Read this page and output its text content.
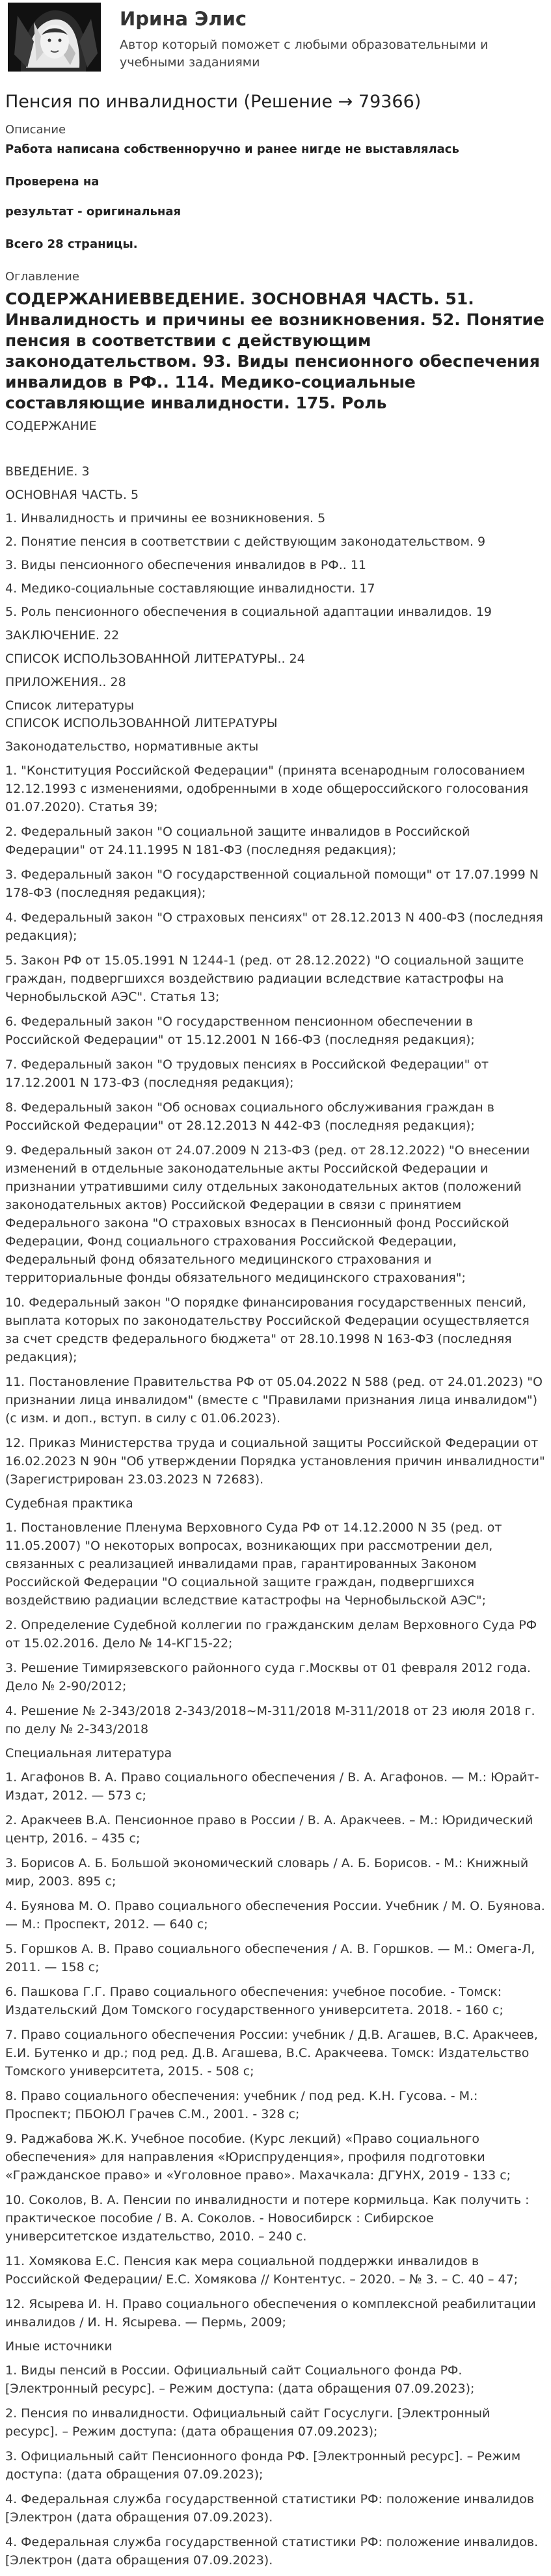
Ирина Элис
Автор который поможет с любыми образовательными и учебными заданиями
Пенсия по инвалидности (Решение → 79366)
Описание
Работа написана собственноручно и ранее нигде не выставлялась
Проверена на
результат - оригинальная
Всего 28 страницы.
Оглавление
СОДЕРЖАНИЕВВЕДЕНИЕ. 3ОСНОВНАЯ ЧАСТЬ. 51. Инвалидность и причины ее возникновения. 52. Понятие пенсия в соответствии с действующим законодательством. 93. Виды пенсионного обеспечения инвалидов в РФ.. 114. Медико-социальные составляющие инвалидности. 175. Роль
СОДЕРЖАНИЕ
ВВЕДЕНИЕ. 3
ОСНОВНАЯ ЧАСТЬ. 5
1. Инвалидность и причины ее возникновения. 5
2. Понятие пенсия в соответствии с действующим законодательством. 9
3. Виды пенсионного обеспечения инвалидов в РФ.. 11
4. Медико-социальные составляющие инвалидности. 17
5. Роль пенсионного обеспечения в социальной адаптации инвалидов. 19
ЗАКЛЮЧЕНИЕ. 22
СПИСОК ИСПОЛЬЗОВАННОЙ ЛИТЕРАТУРЫ.. 24
ПРИЛОЖЕНИЯ.. 28
Список литературы
СПИСОК ИСПОЛЬЗОВАННОЙ ЛИТЕРАТУРЫ
Законодательство, нормативные акты
1. "Конституция Российской Федерации" (принята всенародным голосованием 12.12.1993 с изменениями, одобренными в ходе общероссийского голосования 01.07.2020). Статья 39;
2. Федеральный закон "О социальной защите инвалидов в Российской Федерации" от 24.11.1995 N 181-ФЗ (последняя редакция);
3. Федеральный закон "О государственной социальной помощи" от 17.07.1999 N 178-ФЗ (последняя редакция);
4. Федеральный закон "О страховых пенсиях" от 28.12.2013 N 400-ФЗ (последняя редакция);
5. Закон РФ от 15.05.1991 N 1244-1 (ред. от 28.12.2022) "О социальной защите граждан, подвергшихся воздействию радиации вследствие катастрофы на Чернобыльской АЭС". Статья 13;
6. Федеральный закон "О государственном пенсионном обеспечении в Российской Федерации" от 15.12.2001 N 166-ФЗ (последняя редакция);
7. Федеральный закон "О трудовых пенсиях в Российской Федерации" от 17.12.2001 N 173-ФЗ (последняя редакция);
8. Федеральный закон "Об основах социального обслуживания граждан в Российской Федерации" от 28.12.2013 N 442-ФЗ (последняя редакция);
9. Федеральный закон от 24.07.2009 N 213-ФЗ (ред. от 28.12.2022) "О внесении изменений в отдельные законодательные акты Российской Федерации и признании утратившими силу отдельных законодательных актов (положений законодательных актов) Российской Федерации в связи с принятием Федерального закона "О страховых взносах в Пенсионный фонд Российской Федерации, Фонд социального страхования Российской Федерации, Федеральный фонд обязательного медицинского страхования и территориальные фонды обязательного медицинского страхования";
10. Федеральный закон "О порядке финансирования государственных пенсий, выплата которых по законодательству Российской Федерации осуществляется за счет средств федерального бюджета" от 28.10.1998 N 163-ФЗ (последняя редакция);
11. Постановление Правительства РФ от 05.04.2022 N 588 (ред. от 24.01.2023) "О признании лица инвалидом" (вместе с "Правилами признания лица инвалидом") (с изм. и доп., вступ. в силу с 01.06.2023).
12. Приказ Министерства труда и социальной защиты Российской Федерации от 16.02.2023 N 90н "Об утверждении Порядка установления причин инвалидности" (Зарегистрирован 23.03.2023 N 72683).
Судебная практика
1. Постановление Пленума Верховного Суда РФ от 14.12.2000 N 35 (ред. от 11.05.2007) "О некоторых вопросах, возникающих при рассмотрении дел, связанных с реализацией инвалидами прав, гарантированных Законом Российской Федерации "О социальной защите граждан, подвергшихся воздействию радиации вследствие катастрофы на Чернобыльской АЭС";
2. Определение Судебной коллегии по гражданским делам Верховного Суда РФ от 15.02.2016. Дело № 14-КГ15-22;
3. Решение Тимирязевского районного суда г.Москвы от 01 февраля 2012 года. Дело № 2-90/2012;
4. Решение № 2-343/2018 2-343/2018~М-311/2018 М-311/2018 от 23 июля 2018 г. по делу № 2-343/2018
Специальная литература
1. Агафонов В. А. Право социального обеспечения / В. А. Агафонов. — М.: Юрайт-Издат, 2012. — 573 с;
2. Аракчеев В.А. Пенсионное право в России / В. А. Аракчеев. – М.: Юридический центр, 2016. – 435 с;
3. Борисов А. Б. Большой экономический словарь / А. Б. Борисов. - М.: Книжный мир, 2003. 895 с;
4. Буянова М. О. Право социального обеспечения России. Учебник / М. О. Буянова. — М.: Проспект, 2012. — 640 с;
5. Горшков А. В. Право социального обеспечения / А. В. Горшков. — М.: Омега-Л, 2011. — 158 с;
6. Пашкова Г.Г. Право социального обеспечения: учебное пособие. - Томск: Издательский Дом Томского государственного университета. 2018. - 160 с;
7. Право социального обеспечения России: учебник / Д.В. Агашев, В.С. Аракчеев, Е.И. Бутенко и др.; под ред. Д.В. Агашева, В.С. Аракчеева. Томск: Издательство Томского университета, 2015. - 508 с;
8. Право социального обеспечения: учебник / под ред. К.Н. Гусова. - М.: Проспект; ПБОЮЛ Грачев С.М., 2001. - 328 с;
9. Раджабова Ж.К. Учебное пособие. (Курс лекций) «Право социального обеспечения» для направления «Юриспруденция», профиля подготовки «Гражданское право» и «Уголовное право». Махачкала: ДГУНХ, 2019 - 133 с;
10. Соколов, В. А. Пенсии по инвалидности и потере кормильца. Как получить : практическое пособие / В. А. Соколов. - Новосибирск : Сибирское университетское издательство, 2010. – 240 с.
11. Хомякова Е.С. Пенсия как мера социальной поддержки инвалидов в Российской Федерации/ Е.С. Хомякова // Контентус. – 2020. – № 3. – С. 40 – 47;
12. Ясырева И. Н. Право социального обеспечения о комплексной реабилитации инвалидов / И. Н. Ясырева. — Пермь, 2009;
Иные источники
1. Виды пенсий в России. Официальный сайт Социального фонда РФ. [Электронный ресурс]. – Режим доступа: (дата обращения 07.09.2023);
2. Пенсия по инвалидности. Официальный сайт Госуслуги. [Электронный ресурс]. – Режим доступа: (дата обращения 07.09.2023);
3. Официальный сайт Пенсионного фонда РФ. [Электронный ресурс]. – Режим доступа: (дата обращения 07.09.2023);
4. Федеральная служба государственной статистики РФ: положение инвалидов [Электрон (дата обращения 07.09.2023).
4. Федеральная служба государственной статистики РФ: положение инвалидов. [Электрон (дата обращения 07.09.2023).
